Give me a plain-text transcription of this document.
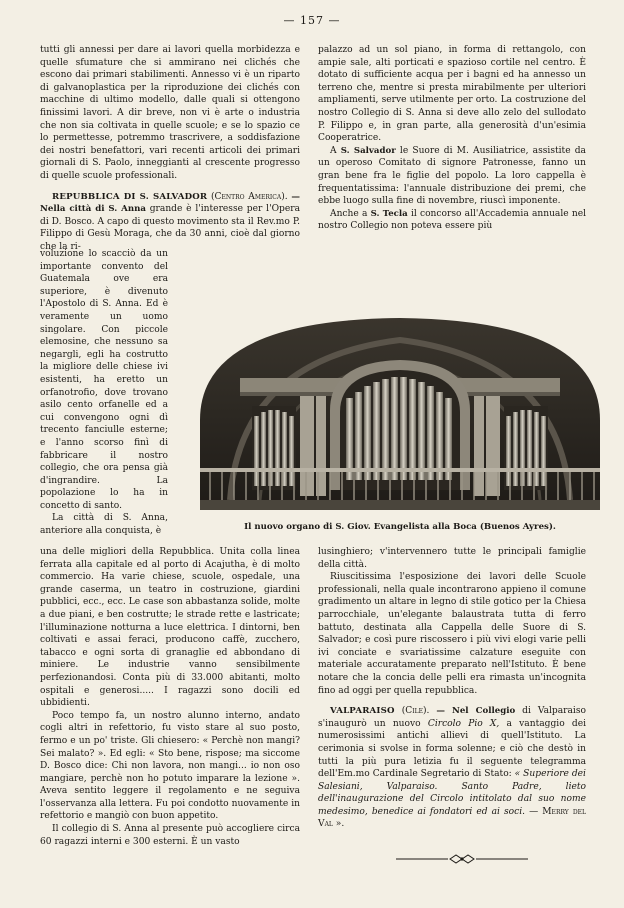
— 157 —

tutti gli annessi per dare ai lavori quella morbidezza e quelle sfumature che si ammirano nei clichés che escono dai primari stabilimenti. Annesso vi è un riparto di galvanoplastica per la riproduzione dei clichés con macchine di ultimo modello, dalle quali si ottengono finissimi lavori. A dir breve, non vi è arte o industria che non sia coltivata in quelle scuole; e se lo spazio ce lo permettesse, potremmo trascrivere, a soddisfazione dei nostri benefattori, vari recenti articoli dei primari giornali di S. Paolo, inneggianti al crescente progresso di quelle scuole professionali.

REPUBBLICA DI S. SALVADOR (Centro America). —Nella città di S. Anna grande è l'interesse per l'Opera di D. Bosco. A capo di questo movimento sta il Rev.mo P. Filippo di Gesù Moraga, che da 30 anni, cioè dal giorno che la ri-

voluzione lo scacciò da un importante convento del Guatemala ove era superiore, è divenuto l'Apostolo di S. Anna. Ed è veramente un uomo singolare. Con piccole elemosine, che nessuno sa negargli, egli ha costrutto la migliore delle chiese ivi esistenti, ha eretto un orfanotrofio, dove trovano asilo cento orfanelle ed a cui convengono ogni dì trecento fanciulle esterne; e l'anno scorso finì di fabbricare il nostro collegio, che ora pensa già d'ingrandire. La popolazione lo ha in concetto di santo.

La città di S. Anna, anteriore alla conquista, è	Il nuovo organo di S. Giov. Evangelista alla Boca (Buenos Ayres).

palazzo ad un sol piano, in forma di rettangolo, con ampie sale, alti porticati e spazioso cortile nel centro. È dotato di sufficiente acqua per i bagni ed ha annesso un terreno che, mentre si presta mirabilmente per ulteriori ampliamenti, serve utilmente per orto. La costruzione del nostro Collegio di S. Anna si deve allo zelo del sullodato P. Filippo e, in gran parte, alla generosità d'un'esimia Cooperatrice.

A S. Salvador le Suore di M. Ausiliatrice, assistite da un operoso Comitato di signore Patronesse, fanno un gran bene fra le figlie del popolo. La loro cappella è frequentatissima: l'annuale distribuzione dei premi, che ebbe luogo sulla fine di novembre, riuscì imponente.

Anche a S. Tecla il concorso all'Accademia annuale nel nostro Collegio non poteva essere più

una delle migliori della Repubblica. Unita colla linea ferrata alla capitale ed al porto di Acajutha, è di molto commercio. Ha varie chiese, scuole, ospedale, una grande caserma, un teatro in costruzione, giardini pubblici, ecc., ecc. Le case son abbastanza solide, molte a due piani, e ben costrutte; le strade rette e lastricate; l'illuminazione notturna a luce elettrica. I dintorni, ben coltivati e assai feraci, producono caffè, zucchero, tabacco e ogni sorta di granaglie ed abbondano di miniere. Le industrie vanno sensibilmente perfezionandosi. Conta più di 33.000 abitanti, molto ospitali e generosi..... I ragazzi sono docili ed ubbidienti.

Poco tempo fa, un nostro alunno interno, andato cogli altri in refettorio, fu visto stare al suo posto, fermo e un po' triste. Gli chiesero: « Perchè non mangi? Sei malato? ». Ed egli: « Sto bene, rispose; ma siccome D. Bosco dice: Chi non lavora, non mangi... io non oso mangiare, perchè non ho potuto imparare la lezione ». Aveva sentito leggere il regolamento e ne seguiva l'osservanza alla lettera. Fu poi condotto nuovamente in refettorio e mangiò con buon appetito.

Il collegio di S. Anna al presente può accogliere circa 60 ragazzi interni e 300 esterni. È un vasto

lusinghiero; v'intervennero tutte le principali famiglie della città.

Riuscitissima l'esposizione dei lavori delle Scuole professionali, nella quale incontrarono appieno il comune gradimento un altare in legno di stile gotico per la Chiesa parrocchiale, un'elegante balaustrata tutta di ferro battuto, destinata alla Cappella delle Suore di S. Salvador; e così pure riscossero i più vivi elogi varie pelli ivi conciate e svariatissime calzature eseguite con materiale accuratamente preparato nell'Istituto. È bene notare che la concia delle pelli era rimasta un'incognita fino ad oggi per quella repubblica.

VALPARAISO (Cile). — Nel Collegio di Valparaiso s'inaugurò un nuovo Circolo Pio X, a vantaggio dei numerosissimi antichi allievi di quell'Istituto. La cerimonia si svolse in forma solenne; e ciò che destò in tutti la più pura letizia fu il seguente telegramma dell'Em.mo Cardinale Segretario di Stato: « Superiore dei Salesiani, Valparaiso. Santo Padre, lieto dell'inaugurazione del Circolo intitolato dal suo nome medesimo, benedice ai fondatori ed ai soci. — Merry del Val ».
